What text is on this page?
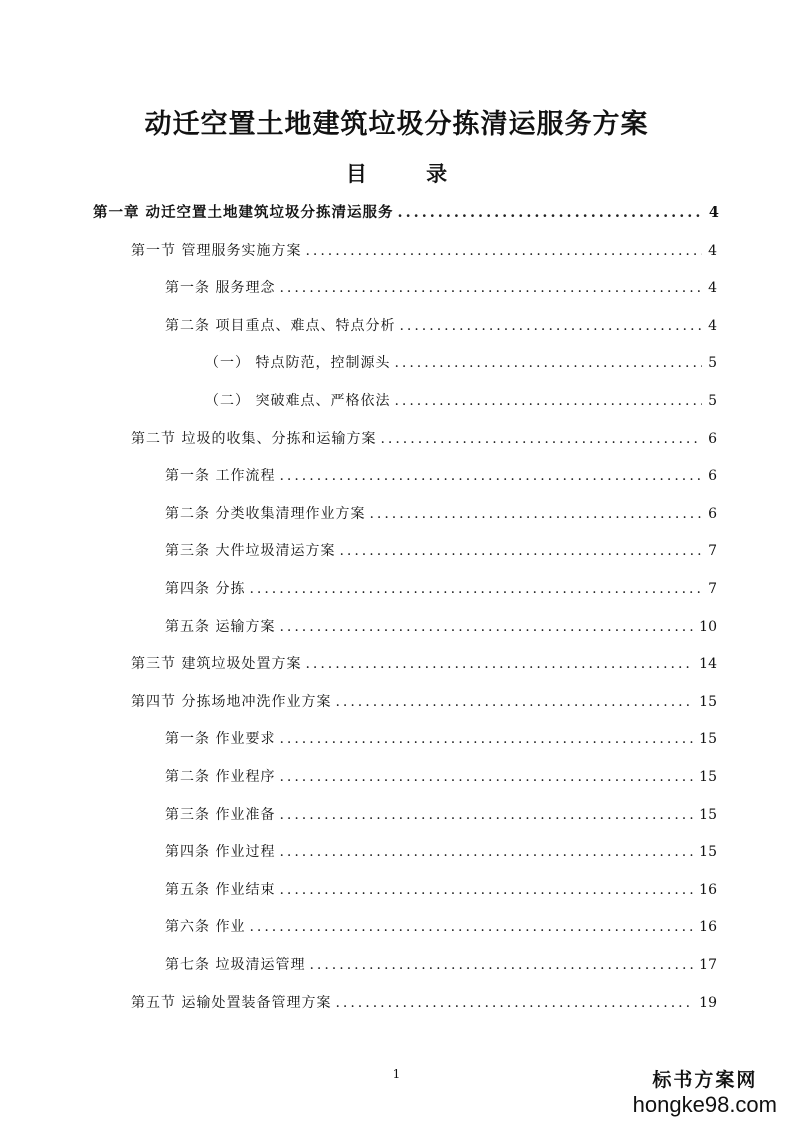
动迁空置土地建筑垃圾分拣清运服务方案
目 录
第一章 动迁空置土地建筑垃圾分拣清运服务 .....	4
第一节 管理服务实施方案 .....	4
第一条 服务理念 .....	4
第二条 项目重点、难点、特点分析 .....	4
（一） 特点防范，控制源头 .....	5
（二） 突破难点、严格依法 .....	5
第二节 垃圾的收集、分拣和运输方案 .....	6
第一条 工作流程 .....	6
第二条 分类收集清理作业方案 .....	6
第三条 大件垃圾清运方案 .....	7
第四条 分拣 .....	7
第五条 运输方案 .....	10
第三节 建筑垃圾处置方案 .....	14
第四节 分拣场地冲洗作业方案 .....	15
第一条 作业要求 .....	15
第二条 作业程序 .....	15
第三条 作业准备 .....	15
第四条 作业过程 .....	15
第五条 作业结束 .....	16
第六条 作业 .....	16
第七条 垃圾清运管理 .....	17
第五节 运输处置装备管理方案 .....	19
1	标书方案网
hongke98.com
